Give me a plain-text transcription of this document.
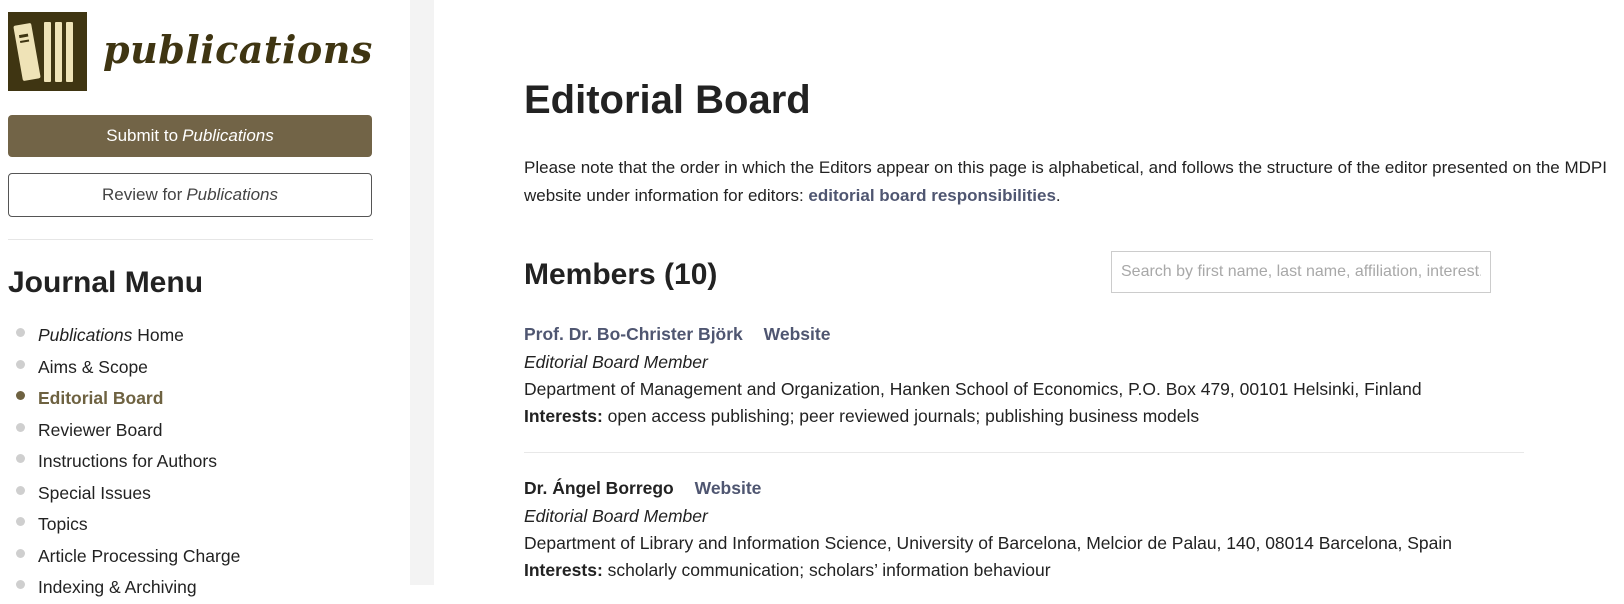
publications
Submit to Publications
Review for Publications
Journal Menu
Publications Home
Aims & Scope
Editorial Board
Reviewer Board
Instructions for Authors
Special Issues
Topics
Article Processing Charge
Indexing & Archiving
Editorial Board
Please note that the order in which the Editors appear on this page is alphabetical, and follows the structure of the editor presented on the MDPI website under information for editors: editorial board responsibilities.
Members (10)
Search by first name, last name, affiliation, interest...
Prof. Dr. Bo-Christer Björk Website
Editorial Board Member
Department of Management and Organization, Hanken School of Economics, P.O. Box 479, 00101 Helsinki, Finland
Interests: open access publishing; peer reviewed journals; publishing business models
Dr. Ángel Borrego Website
Editorial Board Member
Department of Library and Information Science, University of Barcelona, Melcior de Palau, 140, 08014 Barcelona, Spain
Interests: scholarly communication; scholars’ information behaviour
